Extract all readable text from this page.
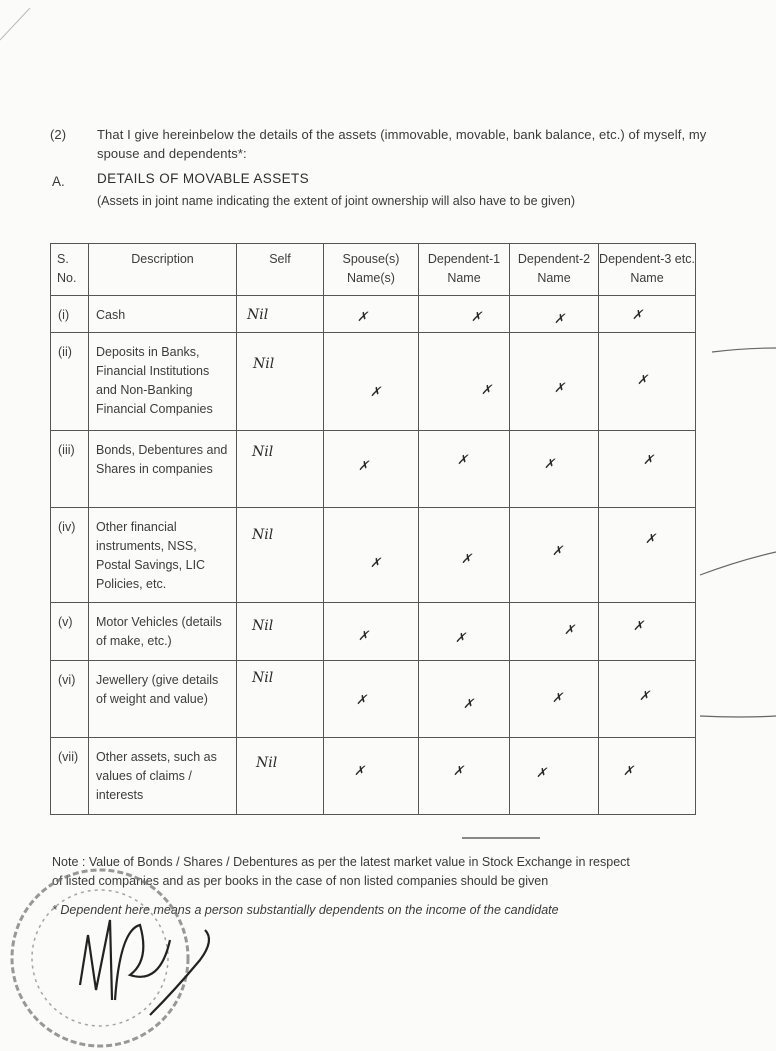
(2) That I give hereinbelow the details of the assets (immovable, movable, bank balance, etc.) of myself, my spouse and dependents*:
A. DETAILS OF MOVABLE ASSETS
(Assets in joint name indicating the extent of joint ownership will also have to be given)
S. No.	Description	Self	Spouse(s) Name(s)	Dependent-1 Name	Dependent-2 Name	Dependent-3 etc. Name
(i)	Cash	Nil	✗	✗	✗	✗

(ii)	Deposits in Banks, Financial Institutions and Non-Banking Financial Companies	Nil	✗	✗	✗	✗

(iii)	Bonds, Debentures and Shares in companies	Nil	✗	✗	✗	✗

(iv)	Other financial instruments, NSS, Postal Savings, LIC Policies, etc.	Nil	✗	✗	✗	✗

(v)	Motor Vehicles (details of make, etc.)	Nil	✗	✗	✗	✗

(vi)	Jewellery (give details of weight and value)	Nil	✗	✗	✗	✗

(vii)	Other assets, such as values of claims / interests	Nil	✗	✗	✗	✗
Note : Value of Bonds / Shares / Debentures as per the latest market value in Stock Exchange in respect
of listed companies and as per books in the case of non listed companies should be given
* Dependent here means a person substantially dependents on the income of the candidate
